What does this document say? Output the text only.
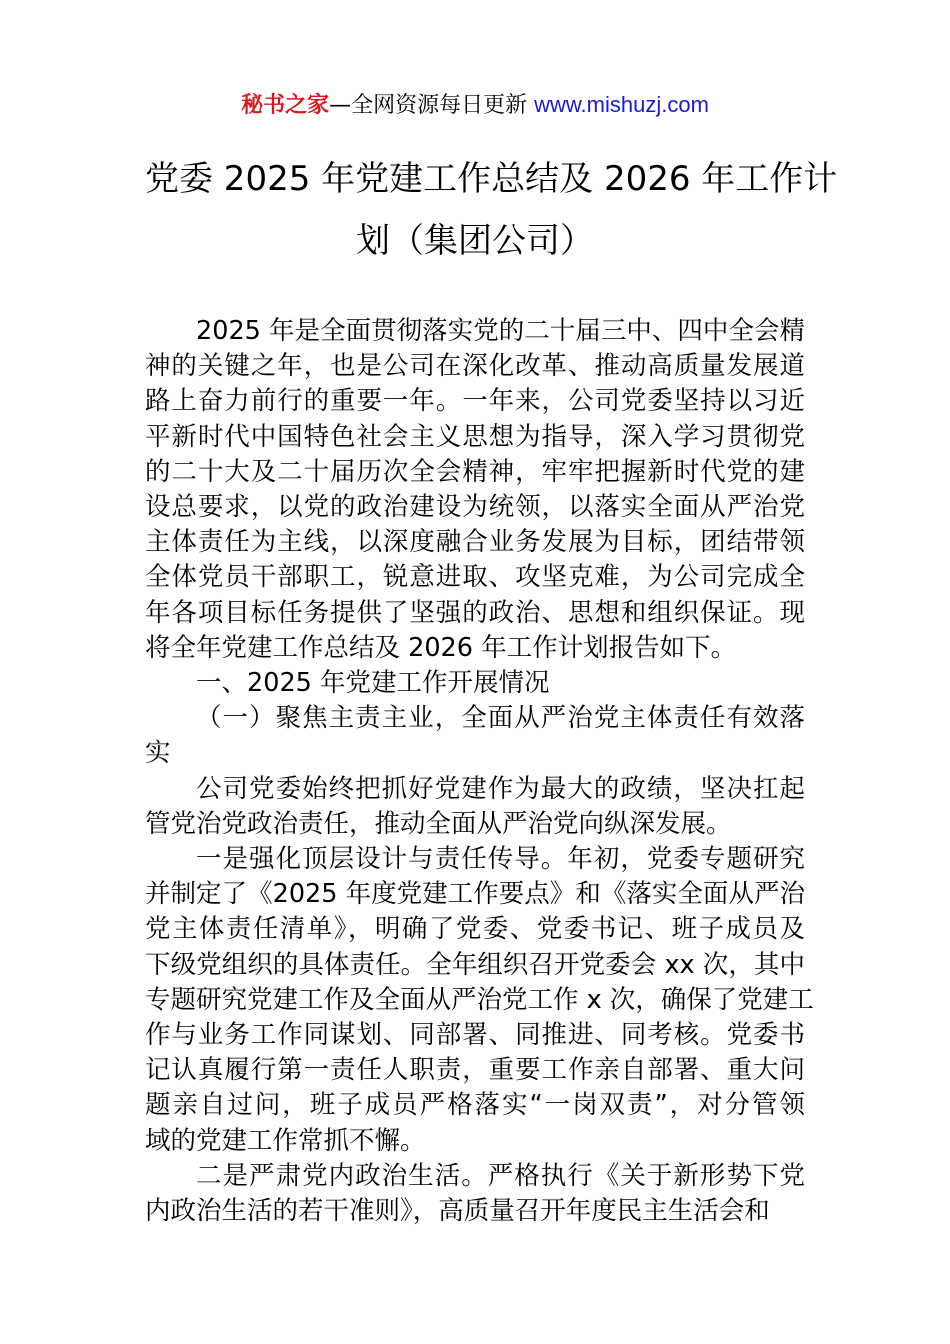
秘书之家—全网资源每日更新 www.mishuzj.com
党委 2025 年党建工作总结及 2026 年工作计
划（集团公司）

2025 年是全面贯彻落实党的二十届三中、四中全会精
神的关键之年，也是公司在深化改革、推动高质量发展道
路上奋力前行的重要一年。一年来，公司党委坚持以习近
平新时代中国特色社会主义思想为指导，深入学习贯彻党
的二十大及二十届历次全会精神，牢牢把握新时代党的建
设总要求，以党的政治建设为统领，以落实全面从严治党
主体责任为主线，以深度融合业务发展为目标，团结带领
全体党员干部职工，锐意进取、攻坚克难，为公司完成全
年各项目标任务提供了坚强的政治、思想和组织保证。现
将全年党建工作总结及 2026 年工作计划报告如下。

一、2025 年党建工作开展情况

（一）聚焦主责主业，全面从严治党主体责任有效落
实

公司党委始终把抓好党建作为最大的政绩，坚决扛起
管党治党政治责任，推动全面从严治党向纵深发展。

一是强化顶层设计与责任传导。年初，党委专题研究
并制定了《2025 年度党建工作要点》和《落实全面从严治
党主体责任清单》，明确了党委、党委书记、班子成员及
下级党组织的具体责任。全年组织召开党委会 xx 次，其中
专题研究党建工作及全面从严治党工作 x 次，确保了党建工
作与业务工作同谋划、同部署、同推进、同考核。党委书
记认真履行第一责任人职责，重要工作亲自部署、重大问
题亲自过问，班子成员严格落实“一岗双责”，对分管领
域的党建工作常抓不懈。

二是严肃党内政治生活。严格执行《关于新形势下党
内政治生活的若干准则》，高质量召开年度民主生活会和
